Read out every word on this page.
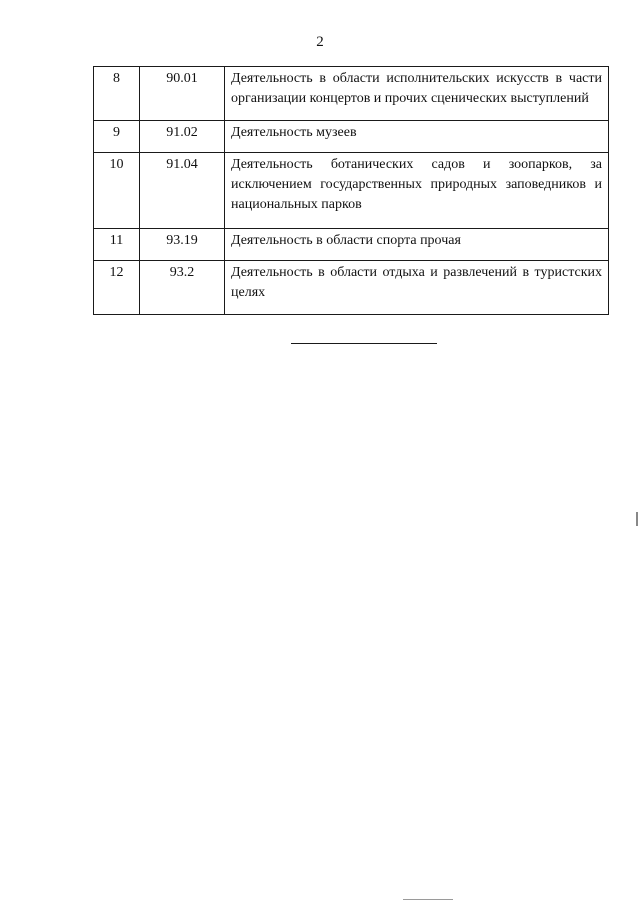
2
8	90.01	Деятельность в области исполнительских искусств в части организации концертов и прочих сценических выступлений
9	91.02	Деятельность музеев
10	91.04	Деятельность ботанических садов и зоопарков, за исключением государственных природных заповедников и национальных парков
11	93.19	Деятельность в области спорта прочая
12	93.2	Деятельность в области отдыха и развлечений в туристских целях
